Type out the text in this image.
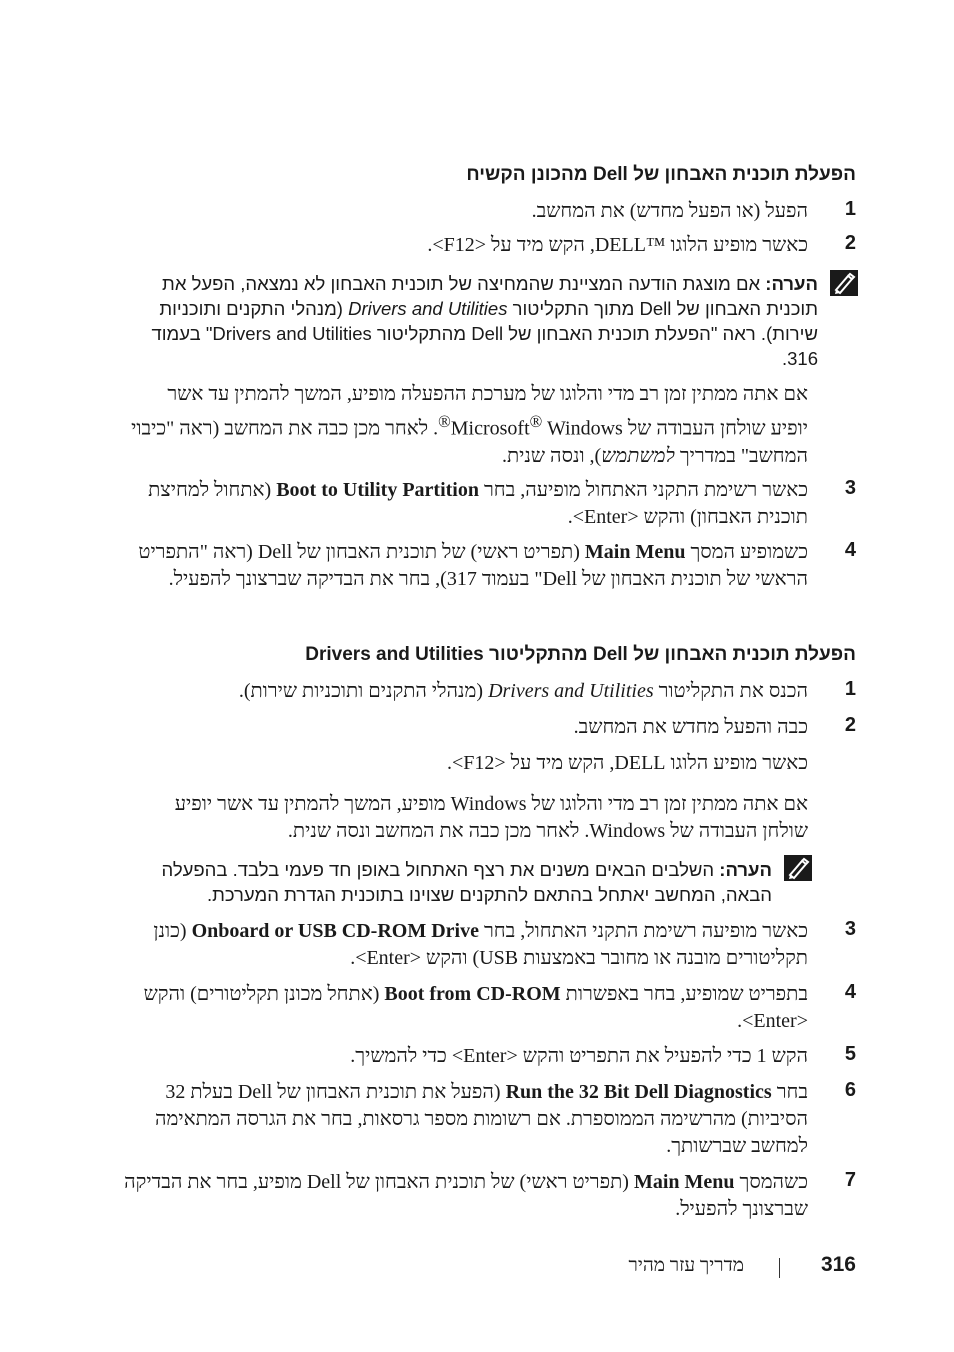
הפעלת תוכנית האבחון של Dell מהכונן הקשיח
1
הפעל (או הפעל מחדש) את המחשב.
2
כאשר מופיע הלוגו ™DELL, הקש מיד על <F12>.
הערה: אם מוצגת הודעה המציינת שהמחיצה של תוכנית האבחון לא נמצאה, הפעל את תוכנית האבחון של Dell מתוך התקליטור Drivers and Utilities (מנהלי התקנים ותוכניות שירות). ראה "הפעלת תוכנית האבחון של Dell מהתקליטור Drivers and Utilities" בעמוד 316.
אם אתה ממתין זמן רב מדי והלוגו של מערכת ההפעלה מופיע, המשך להמתין עד אשר יופיע שולחן העבודה של Microsoft® Windows®. לאחר מכן כבה את המחשב (ראה "כיבוי המחשב" במדריך למשתמש), ונסה שנית.
3
כאשר רשימת התקני האתחול מופיעה, בחר Boot to Utility Partition (אתחול למחיצת תוכנית האבחון) והקש <Enter>.
4
כשמופיע המסך Main Menu (תפריט ראשי) של תוכנית האבחון של Dell (ראה "התפריט הראשי של תוכנית האבחון של Dell" בעמוד 317), בחר את הבדיקה שברצונך להפעיל.
הפעלת תוכנית האבחון של Dell מהתקליטור Drivers and Utilities
1
הכנס את התקליטור Drivers and Utilities (מנהלי התקנים ותוכניות שירות).
2
כבה והפעל מחדש את המחשב.
כאשר מופיע הלוגו DELL, הקש מיד על <F12>.
אם אתה ממתין זמן רב מדי והלוגו של Windows מופיע, המשך להמתין עד אשר יופיע שולחן העבודה של Windows. לאחר מכן כבה את המחשב ונסה שנית.
הערה: השלבים הבאים משנים את רצף האתחול באופן חד פעמי בלבד. בהפעלה הבאה, המחשב יאתחל בהתאם להתקנים שצוינו בתוכנית הגדרת המערכת.
3
כאשר מופיעה רשימת התקני האתחול, בחר Onboard or USB CD-ROM Drive (כונן תקליטורים מובנה או מחובר באמצעות USB) והקש <Enter>.
4
בתפריט שמופיע, בחר באפשרות Boot from CD-ROM (אתחל מכונן תקליטורים) והקש <Enter>.
5
הקש 1 כדי להפעיל את התפריט והקש <Enter> כדי להמשיך.
6
בחר Run the 32 Bit Dell Diagnostics (הפעל את תוכנית האבחון של Dell בעלת 32 הסיביות) מהרשימה הממוספרת. אם רשומות מספר גרסאות, בחר את הגרסה המתאימה למחשב שברשותך.
7
כשהמסך Main Menu (תפריט ראשי) של תוכנית האבחון של Dell מופיע, בחר את הבדיקה שברצונך להפעיל.
316
מדריך עזר מהיר
